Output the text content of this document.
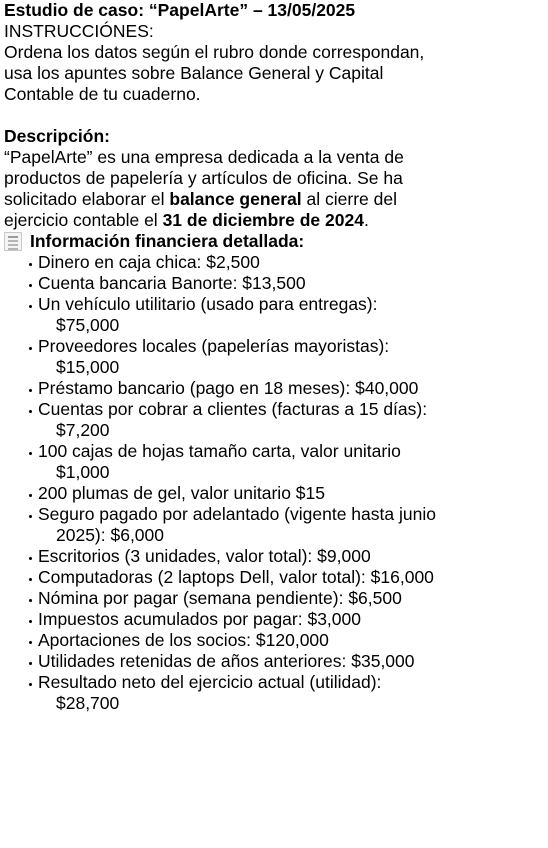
Estudio de caso: “PapelArte” – 13/05/2025
INSTRUCCIÓNES:
Ordena los datos según el rubro donde correspondan,
usa los apuntes sobre Balance General y Capital
Contable de tu cuaderno.
Descripción:
“PapelArte” es una empresa dedicada a la venta de
productos de papelería y artículos de oficina. Se ha
solicitado elaborar el balance general al cierre del
ejercicio contable el 31 de diciembre de 2024.
Información financiera detallada:
Dinero en caja chica: $2,500
Cuenta bancaria Banorte: $13,500
Un vehículo utilitario (usado para entregas):
$75,000
Proveedores locales (papelerías mayoristas):
$15,000
Préstamo bancario (pago en 18 meses): $40,000
Cuentas por cobrar a clientes (facturas a 15 días):
$7,200
100 cajas de hojas tamaño carta, valor unitario
$1,000
200 plumas de gel, valor unitario $15
Seguro pagado por adelantado (vigente hasta junio
2025): $6,000
Escritorios (3 unidades, valor total): $9,000
Computadoras (2 laptops Dell, valor total): $16,000
Nómina por pagar (semana pendiente): $6,500
Impuestos acumulados por pagar: $3,000
Aportaciones de los socios: $120,000
Utilidades retenidas de años anteriores: $35,000
Resultado neto del ejercicio actual (utilidad):
$28,700
